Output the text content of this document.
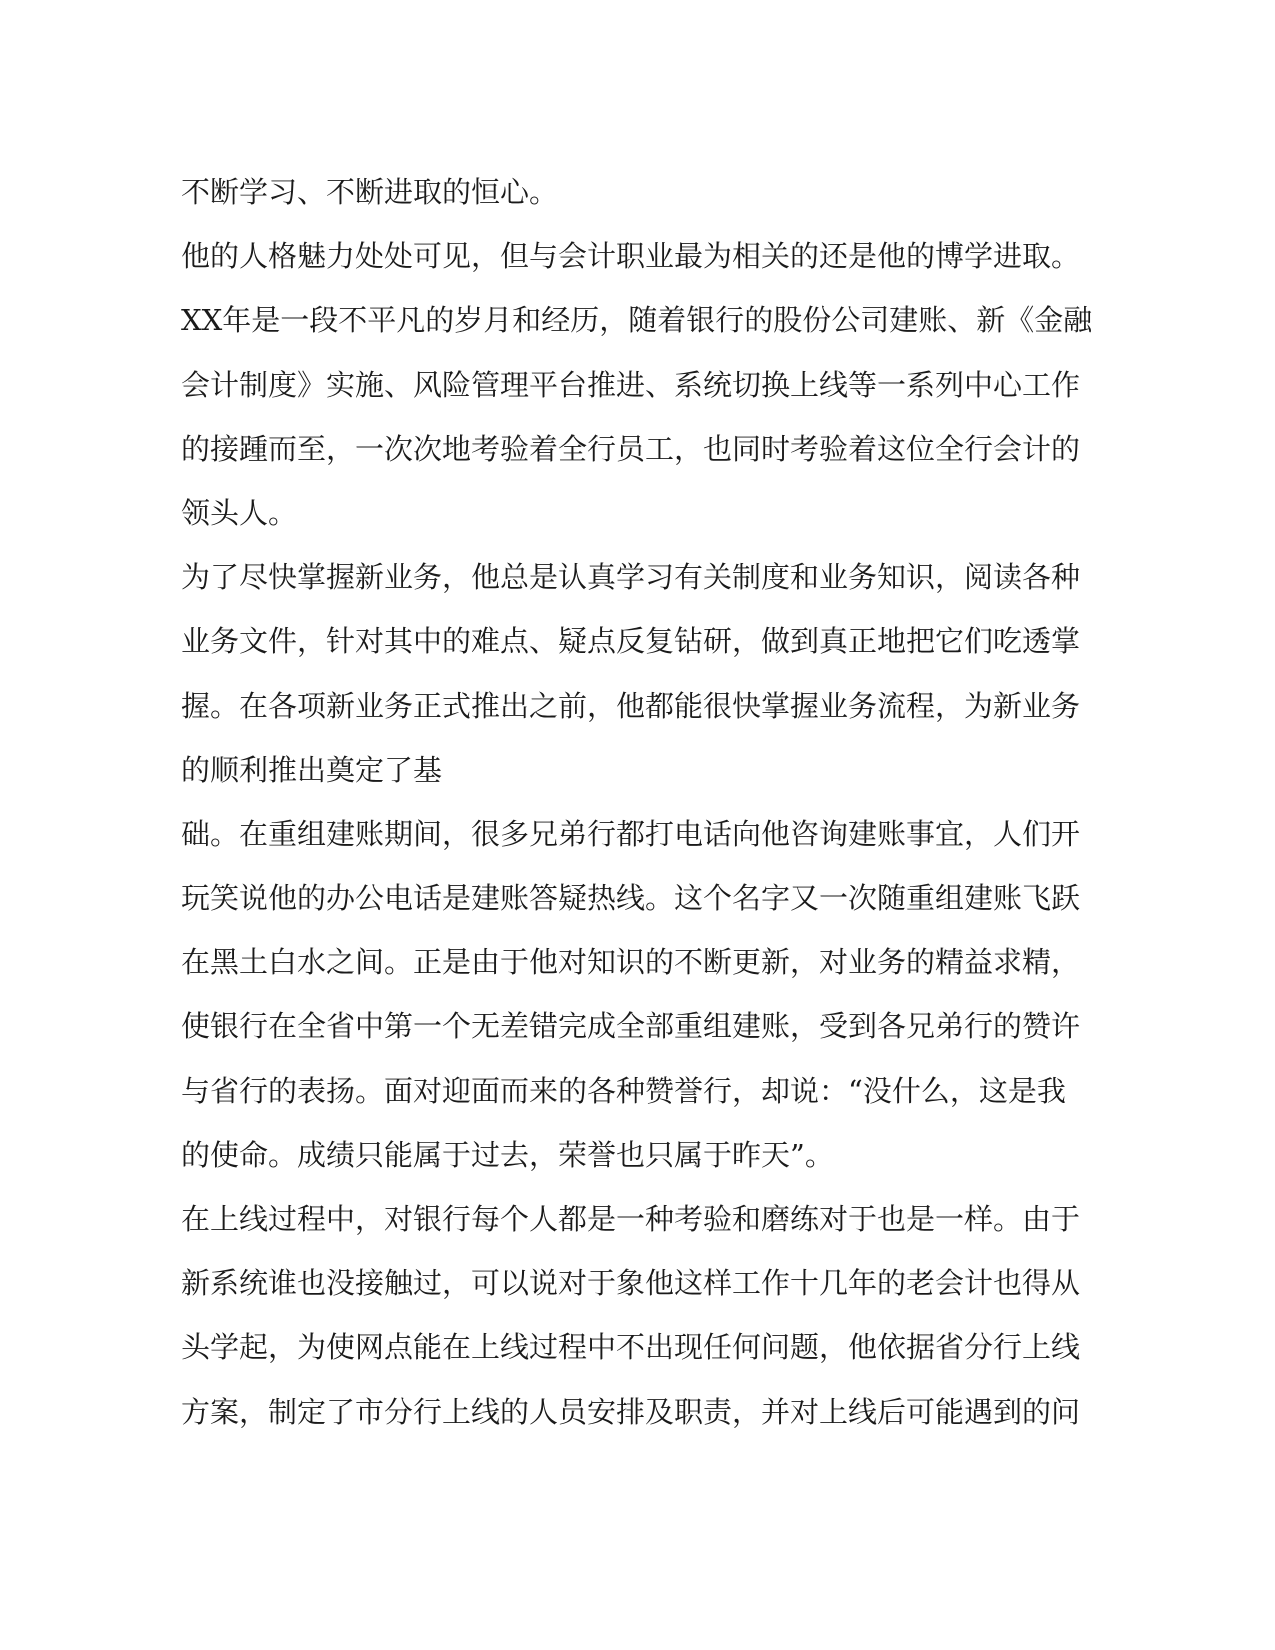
不断学习、不断进取的恒心。
他的人格魅力处处可见，但与会计职业最为相关的还是他的博学进取。
XX年是一段不平凡的岁月和经历，随着银行的股份公司建账、新《金融
会计制度》实施、风险管理平台推进、系统切换上线等一系列中心工作
的接踵而至，一次次地考验着全行员工，也同时考验着这位全行会计的
领头人。
为了尽快掌握新业务，他总是认真学习有关制度和业务知识，阅读各种
业务文件，针对其中的难点、疑点反复钻研，做到真正地把它们吃透掌
握。在各项新业务正式推出之前，他都能很快掌握业务流程，为新业务
的顺利推出奠定了基
础。在重组建账期间，很多兄弟行都打电话向他咨询建账事宜，人们开
玩笑说他的办公电话是建账答疑热线。这个名字又一次随重组建账飞跃
在黑土白水之间。正是由于他对知识的不断更新，对业务的精益求精，
使银行在全省中第一个无差错完成全部重组建账，受到各兄弟行的赞许
与省行的表扬。面对迎面而来的各种赞誉行，却说：“没什么，这是我
的使命。成绩只能属于过去，荣誉也只属于昨天”。
在上线过程中，对银行每个人都是一种考验和磨练对于也是一样。由于
新系统谁也没接触过，可以说对于象他这样工作十几年的老会计也得从
头学起，为使网点能在上线过程中不出现任何问题，他依据省分行上线
方案，制定了市分行上线的人员安排及职责，并对上线后可能遇到的问
